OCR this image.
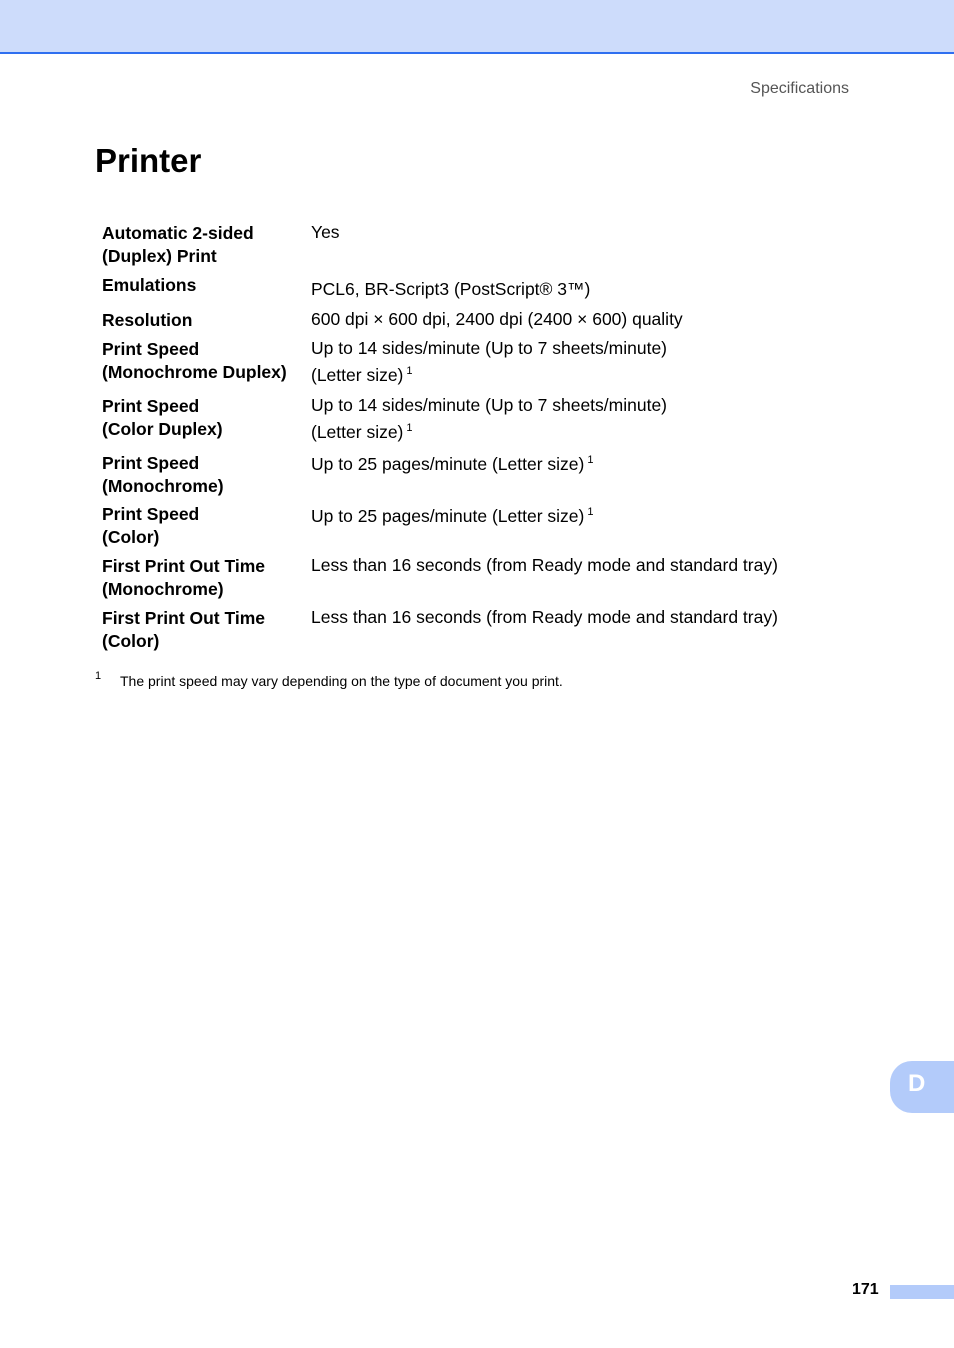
Specifications
Printer
Automatic 2-sided
(Duplex) Print
Yes
Emulations	PCL6, BR-Script3 (PostScript® 3™)
Resolution	600 dpi × 600 dpi, 2400 dpi (2400 × 600) quality
Print Speed
(Monochrome Duplex)
Up to 14 sides/minute (Up to 7 sheets/minute)
(Letter size) $^1$
Print Speed
(Color Duplex)
Up to 14 sides/minute (Up to 7 sheets/minute)
(Letter size) $^1$
Print Speed
(Monochrome)
Up to 25 pages/minute (Letter size) $^1$
Print Speed
(Color)
Up to 25 pages/minute (Letter size) $^1$
First Print Out Time
(Monochrome)
Less than 16 seconds (from Ready mode and standard tray)
First Print Out Time
(Color)
Less than 16 seconds (from Ready mode and standard tray)
1 The print speed may vary depending on the type of document you print.
D
171
